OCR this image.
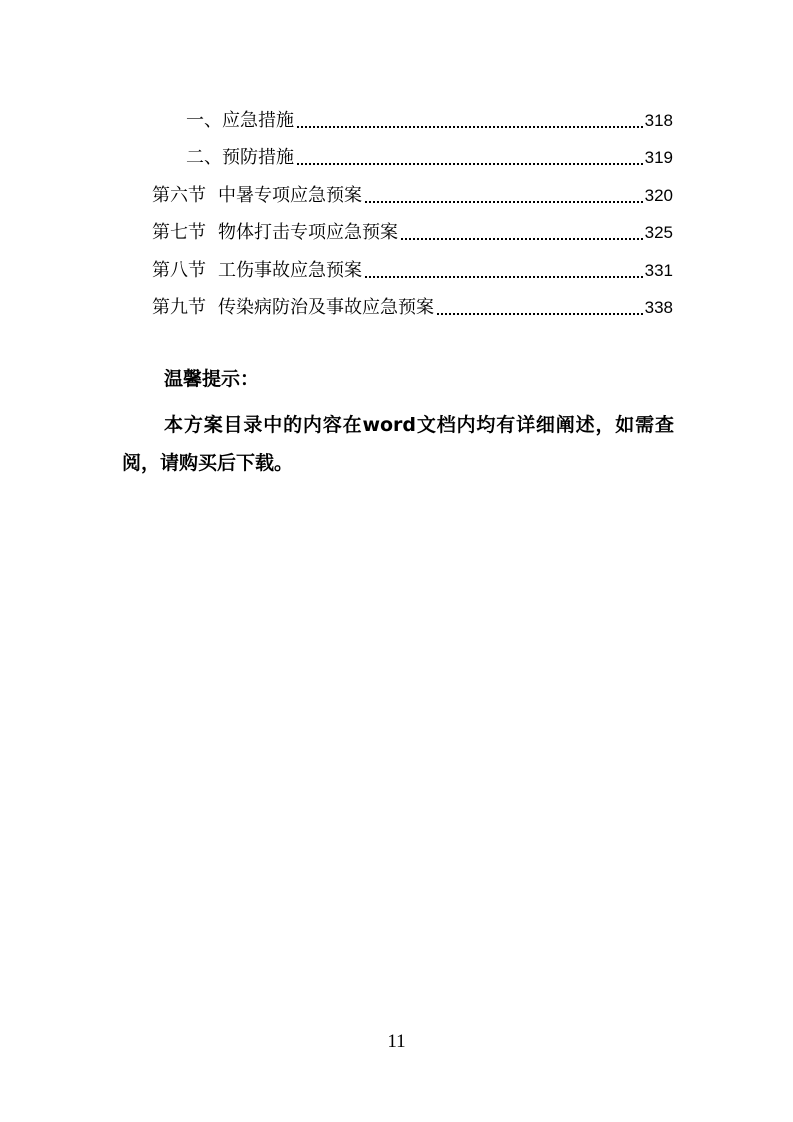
一、 应急措施	318
二、 预防措施	319
第六节 中暑专项应急预案	320
第七节 物体打击专项应急预案	325
第八节 工伤事故应急预案	331
第九节 传染病防治及事故应急预案	338
温馨提示：

本方案目录中的内容在word文档内均有详细阐述，如需查阅，请购买后下载。

11
